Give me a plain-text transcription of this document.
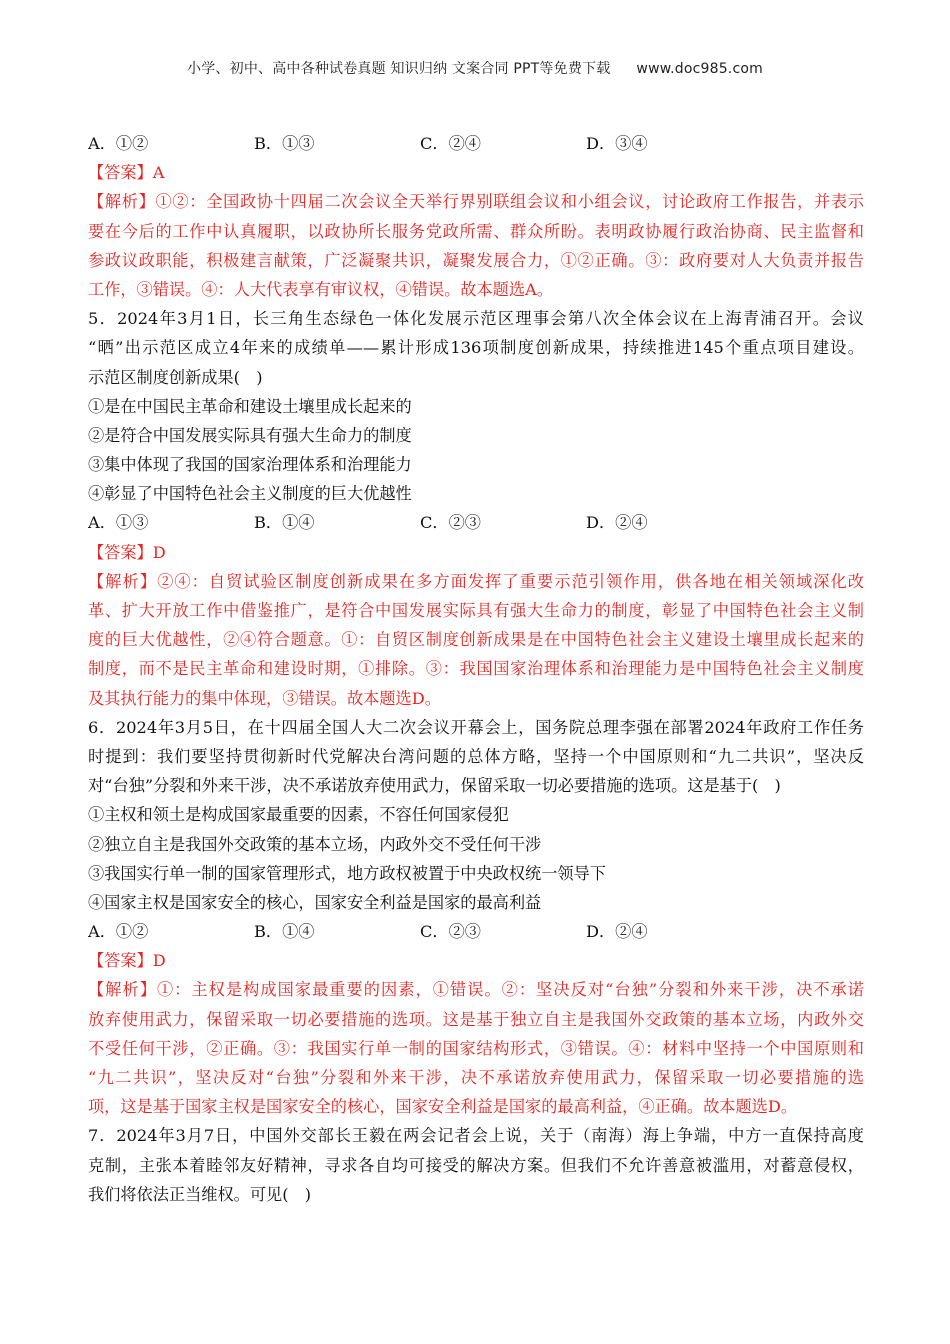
小学、初中、高中各种试卷真题 知识归纳 文案合同 PPT等免费下载 www.doc985.com
A．①②	B．①③	C．②④	D．③④
【答案】A
【解析】①②：全国政协十四届二次会议全天举行界别联组会议和小组会议，讨论政府工作报告，并表示
要在今后的工作中认真履职，以政协所长服务党政所需、群众所盼。表明政协履行政治协商、民主监督和
参政议政职能，积极建言献策，广泛凝聚共识，凝聚发展合力，①②正确。③：政府要对人大负责并报告
工作，③错误。④：人大代表享有审议权，④错误。故本题选A。
5．2024年3月1日，长三角生态绿色一体化发展示范区理事会第八次全体会议在上海青浦召开。会议
“晒”出示范区成立4年来的成绩单——累计形成136项制度创新成果，持续推进145个重点项目建设。
示范区制度创新成果(　)
①是在中国民主革命和建设土壤里成长起来的
②是符合中国发展实际具有强大生命力的制度
③集中体现了我国的国家治理体系和治理能力
④彰显了中国特色社会主义制度的巨大优越性
A．①③	B．①④	C．②③	D．②④
【答案】D
【解析】②④：自贸试验区制度创新成果在多方面发挥了重要示范引领作用，供各地在相关领域深化改
革、扩大开放工作中借鉴推广，是符合中国发展实际具有强大生命力的制度，彰显了中国特色社会主义制
度的巨大优越性，②④符合题意。①：自贸区制度创新成果是在中国特色社会主义建设土壤里成长起来的
制度，而不是民主革命和建设时期，①排除。③：我国国家治理体系和治理能力是中国特色社会主义制度
及其执行能力的集中体现，③错误。故本题选D。
6．2024年3月5日，在十四届全国人大二次会议开幕会上，国务院总理李强在部署2024年政府工作任务
时提到：我们要坚持贯彻新时代党解决台湾问题的总体方略，坚持一个中国原则和“九二共识”，坚决反
对“台独”分裂和外来干涉，决不承诺放弃使用武力，保留采取一切必要措施的选项。这是基于(　)
①主权和领土是构成国家最重要的因素，不容任何国家侵犯
②独立自主是我国外交政策的基本立场，内政外交不受任何干涉
③我国实行单一制的国家管理形式，地方政权被置于中央政权统一领导下
④国家主权是国家安全的核心，国家安全利益是国家的最高利益
A．①②	B．①④	C．②③	D．②④
【答案】D
【解析】①：主权是构成国家最重要的因素，①错误。②：坚决反对“台独”分裂和外来干涉，决不承诺
放弃使用武力，保留采取一切必要措施的选项。这是基于独立自主是我国外交政策的基本立场，内政外交
不受任何干涉，②正确。③：我国实行单一制的国家结构形式，③错误。④：材料中坚持一个中国原则和
“九二共识”，坚决反对“台独”分裂和外来干涉，决不承诺放弃使用武力，保留采取一切必要措施的选
项，这是基于国家主权是国家安全的核心，国家安全利益是国家的最高利益，④正确。故本题选D。
7．2024年3月7日，中国外交部长王毅在两会记者会上说，关于（南海）海上争端，中方一直保持高度
克制，主张本着睦邻友好精神，寻求各自均可接受的解决方案。但我们不允许善意被滥用，对蓄意侵权，
我们将依法正当维权。可见(　)
